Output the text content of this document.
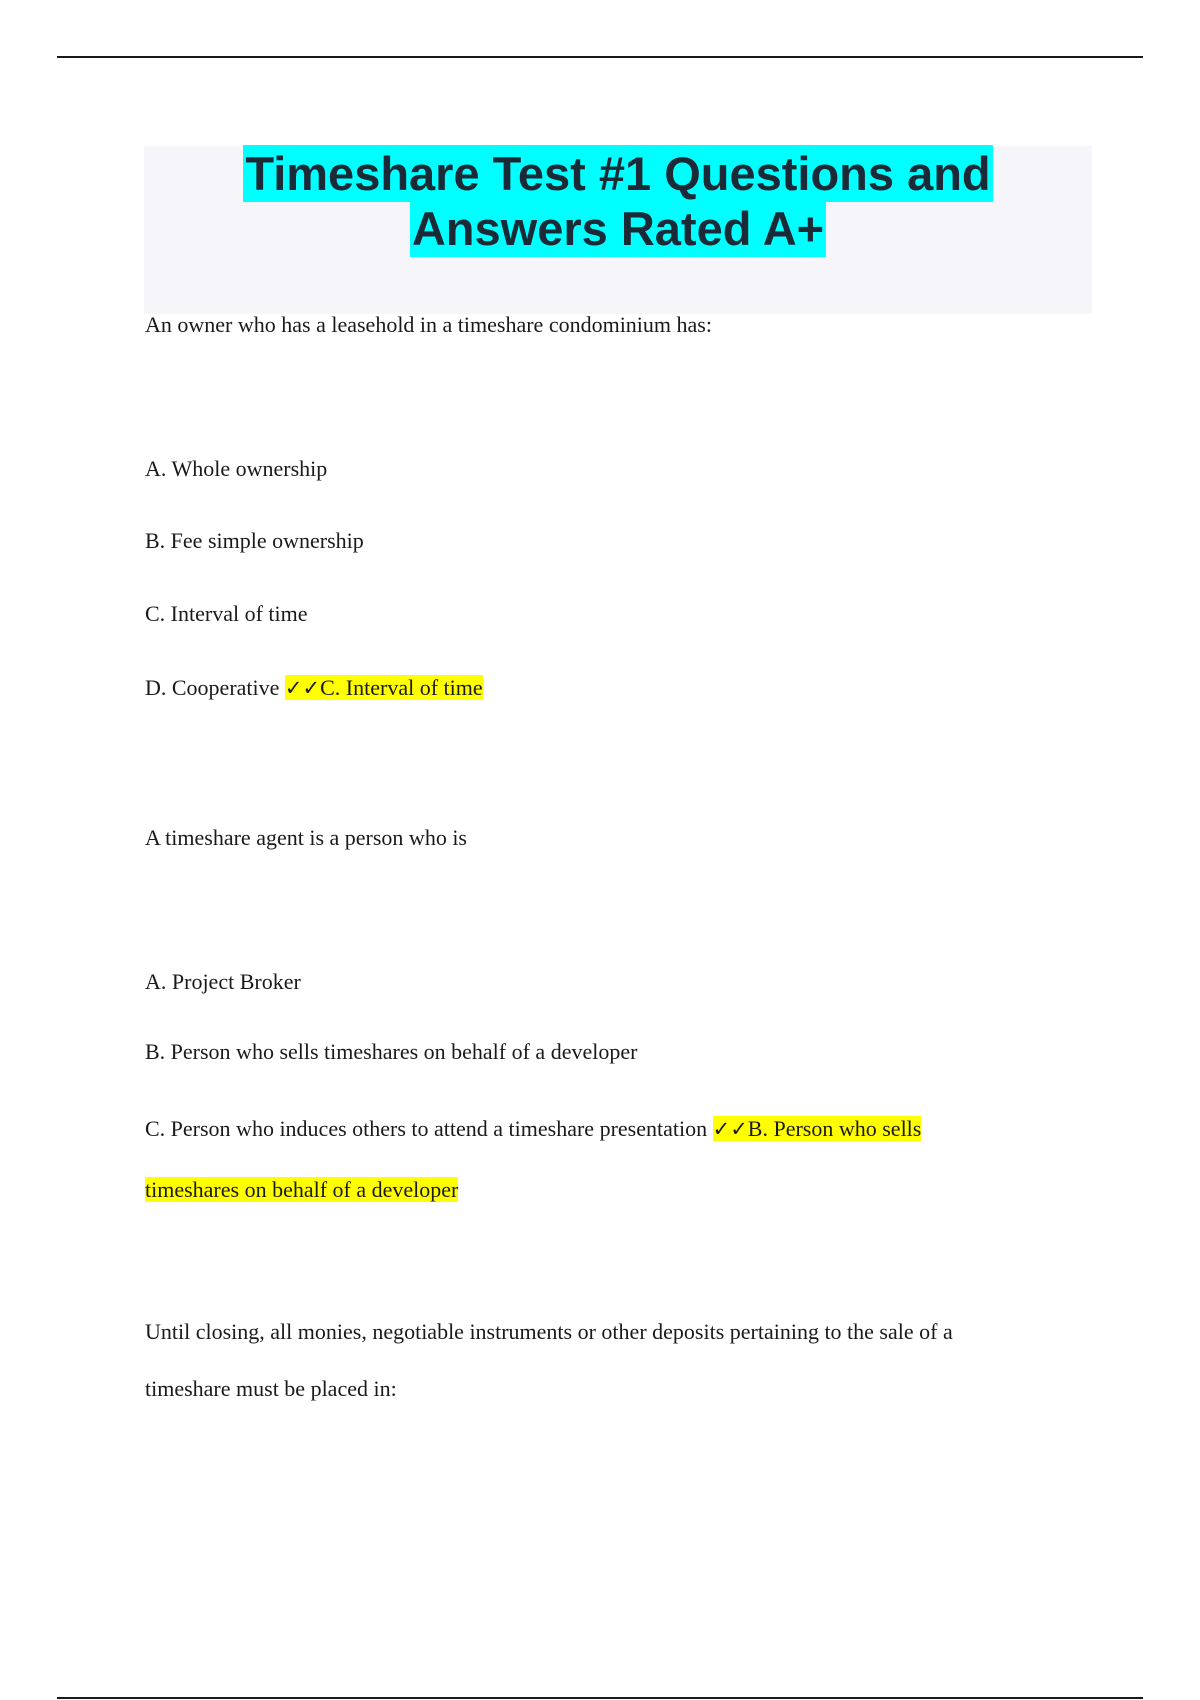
Timeshare Test #1 Questions and
Answers Rated A+

An owner who has a leasehold in a timeshare condominium has:

A. Whole ownership

B. Fee simple ownership

C. Interval of time

D. Cooperative ✓✓C. Interval of time

A timeshare agent is a person who is

A. Project Broker

B. Person who sells timeshares on behalf of a developer

C. Person who induces others to attend a timeshare presentation ✓✓B. Person who sells

timeshares on behalf of a developer

Until closing, all monies, negotiable instruments or other deposits pertaining to the sale of a

timeshare must be placed in:
